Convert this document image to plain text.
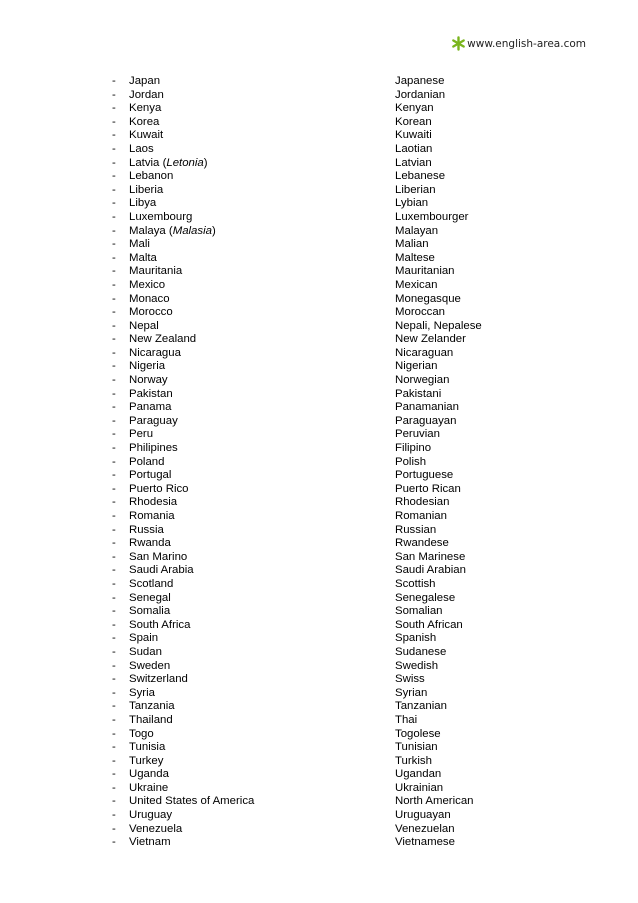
www.english-area.com
- Japan	Japanese
- Jordan	Jordanian
- Kenya	Kenyan
- Korea	Korean
- Kuwait	Kuwaiti
- Laos	Laotian
- Latvia (Letonia)	Latvian
- Lebanon	Lebanese
- Liberia	Liberian
- Libya	Lybian
- Luxembourg	Luxembourger
- Malaya (Malasia)	Malayan
- Mali	Malian
- Malta	Maltese
- Mauritania	Mauritanian
- Mexico	Mexican
- Monaco	Monegasque
- Morocco	Moroccan
- Nepal	Nepali, Nepalese
- New Zealand	New Zelander
- Nicaragua	Nicaraguan
- Nigeria	Nigerian
- Norway	Norwegian
- Pakistan	Pakistani
- Panama	Panamanian
- Paraguay	Paraguayan
- Peru	Peruvian
- Philipines	Filipino
- Poland	Polish
- Portugal	Portuguese
- Puerto Rico	Puerto Rican
- Rhodesia	Rhodesian
- Romania	Romanian
- Russia	Russian
- Rwanda	Rwandese
- San Marino	San Marinese
- Saudi Arabia	Saudi Arabian
- Scotland	Scottish
- Senegal	Senegalese
- Somalia	Somalian
- South Africa	South African
- Spain	Spanish
- Sudan	Sudanese
- Sweden	Swedish
- Switzerland	Swiss
- Syria	Syrian
- Tanzania	Tanzanian
- Thailand	Thai
- Togo	Togolese
- Tunisia	Tunisian
- Turkey	Turkish
- Uganda	Ugandan
- Ukraine	Ukrainian
- United States of America	North American
- Uruguay	Uruguayan
- Venezuela	Venezuelan
- Vietnam	Vietnamese
